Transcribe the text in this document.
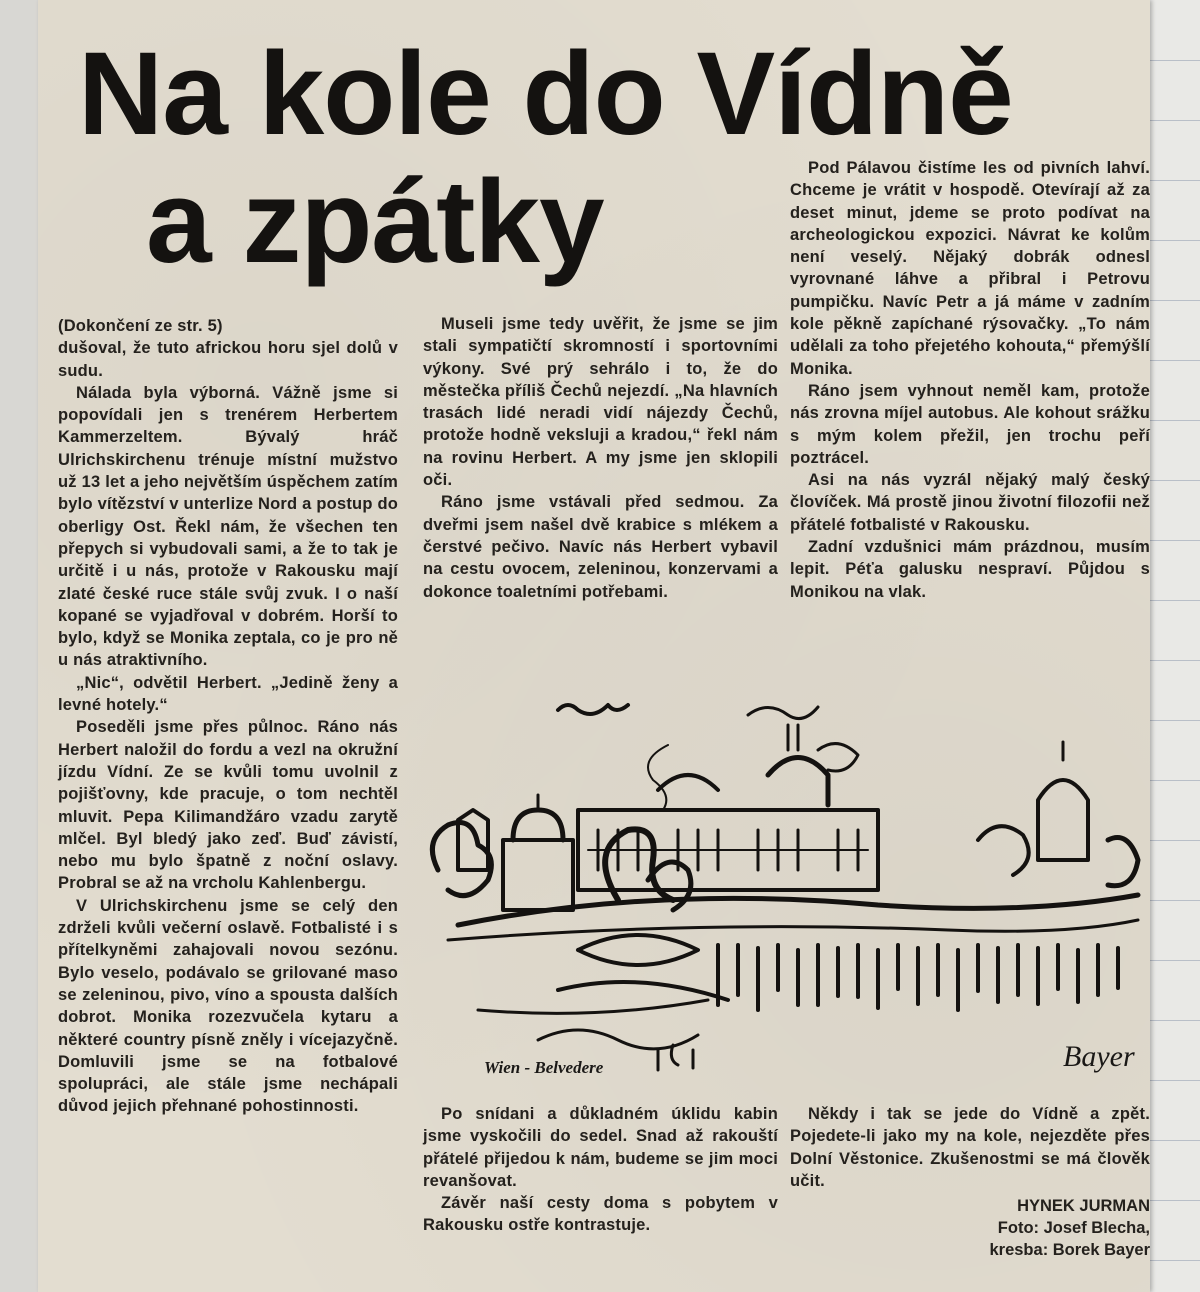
Na kole do Vídně
a zpátky

(Dokončení ze str. 5)

dušoval, že tuto africkou horu sjel dolů v sudu.

Nálada byla výborná. Vážně jsme si popovídali jen s trenérem Herbertem Kammerzeltem. Bývalý hráč Ulrichskirchenu trénuje místní mužstvo už 13 let a jeho největším úspěchem zatím bylo vítězství v unterlize Nord a postup do oberligy Ost. Řekl nám, že všechen ten přepych si vybudovali sami, a že to tak je určitě i u nás, protože v Rakousku mají zlaté české ruce stále svůj zvuk. I o naší kopané se vyjadřoval v dobrém. Horší to bylo, když se Monika zeptala, co je pro ně u nás atraktivního.

„Nic“, odvětil Herbert. „Jedině ženy a levné hotely.“

Poseděli jsme přes půlnoc. Ráno nás Herbert naložil do fordu a vezl na okružní jízdu Vídní. Ze se kvůli tomu uvolnil z pojišťovny, kde pracuje, o tom nechtěl mluvit. Pepa Kilimandžáro vzadu zarytě mlčel. Byl bledý jako zeď. Buď závistí, nebo mu bylo špatně z noční oslavy. Probral se až na vrcholu Kahlenbergu.

V Ulrichskirchenu jsme se celý den zdrželi kvůli večerní oslavě. Fotbalisté i s přítelkyněmi zahajovali novou sezónu. Bylo veselo, podávalo se grilované maso se zeleninou, pivo, víno a spousta dalších dobrot. Monika rozezvučela kytaru a některé country písně zněly i vícejazyčně. Domluvili jsme se na fotbalové spolupráci, ale stále jsme nechápali důvod jejich přehnané pohostinnosti.

Museli jsme tedy uvěřit, že jsme se jim stali sympatičtí skromností i sportovními výkony. Své prý sehrálo i to, že do městečka příliš Čechů nejezdí. „Na hlavních trasách lidé neradi vidí nájezdy Čechů, protože hodně veksluji a kradou,“ řekl nám na rovinu Herbert. A my jsme jen sklopili oči.

Ráno jsme vstávali před sedmou. Za dveřmi jsem našel dvě krabice s mlékem a čerstvé pečivo. Navíc nás Herbert vybavil na cestu ovocem, zeleninou, konzervami a dokonce toaletními potřebami.

Pod Pálavou čistíme les od pivních lahví. Chceme je vrátit v hospodě. Otevírají až za deset minut, jdeme se proto podívat na archeologickou expozici. Návrat ke kolům není veselý. Nějaký dobrák odnesl vyrovnané láhve a přibral i Petrovu pumpičku. Navíc Petr a já máme v zadním kole pěkně zapíchané rýsovačky. „To nám udělali za toho přejetého kohouta,“ přemýšlí Monika.

Ráno jsem vyhnout neměl kam, protože nás zrovna míjel autobus. Ale kohout srážku s mým kolem přežil, jen trochu peří poztrácel.

Asi na nás vyzrál nějaký malý český človíček. Má prostě jinou životní filozofii než přátelé fotbalisté v Rakousku.

Zadní vzdušnici mám prázdnou, musím lepit. Péťa galusku nespraví. Půjdou s Monikou na vlak.

Wien - Belvedere	Bayer

Po snídani a důkladném úklidu kabin jsme vyskočili do sedel. Snad až rakouští přátelé přijedou k nám, budeme se jim moci revanšovat.

Závěr naší cesty doma s pobytem v Rakousku ostře kontrastuje.

Někdy i tak se jede do Vídně a zpět. Pojedete-li jako my na kole, nejezděte přes Dolní Věstonice. Zkušenostmi se má člověk učit.

HYNEK JURMAN
Foto: Josef Blecha,
kresba: Borek Bayer
